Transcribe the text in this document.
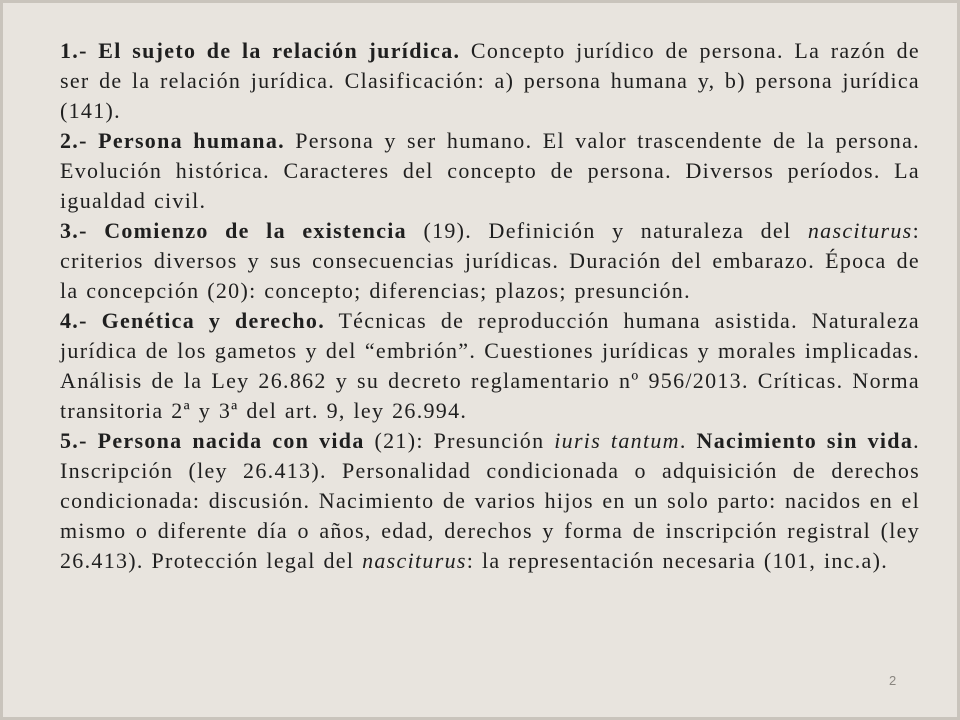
1.- El sujeto de la relación jurídica. Concepto jurídico de persona. La razón de ser de la relación jurídica. Clasificación: a) persona humana y, b) persona jurídica (141).

2.- Persona humana. Persona y ser humano. El valor trascendente de la persona. Evolución histórica. Caracteres del concepto de persona. Diversos períodos. La igualdad civil.

3.- Comienzo de la existencia (19). Definición y naturaleza del nasciturus: criterios diversos y sus consecuencias jurídicas. Duración del embarazo. Época de la concepción (20): concepto; diferencias; plazos; presunción.

4.- Genética y derecho. Técnicas de reproducción humana asistida. Naturaleza jurídica de los gametos y del “embrión”. Cuestiones jurídicas y morales implicadas. Análisis de la Ley 26.862 y su decreto reglamentario nº 956/2013. Críticas. Norma transitoria 2ª y 3ª del art. 9, ley 26.994.

5.- Persona nacida con vida (21): Presunción iuris tantum. Nacimiento sin vida. Inscripción (ley 26.413). Personalidad condicionada o adquisición de derechos condicionada: discusión. Nacimiento de varios hijos en un solo parto: nacidos en el mismo o diferente día o años, edad, derechos y forma de inscripción registral (ley 26.413). Protección legal del nasciturus: la representación necesaria (101, inc.a).

2
